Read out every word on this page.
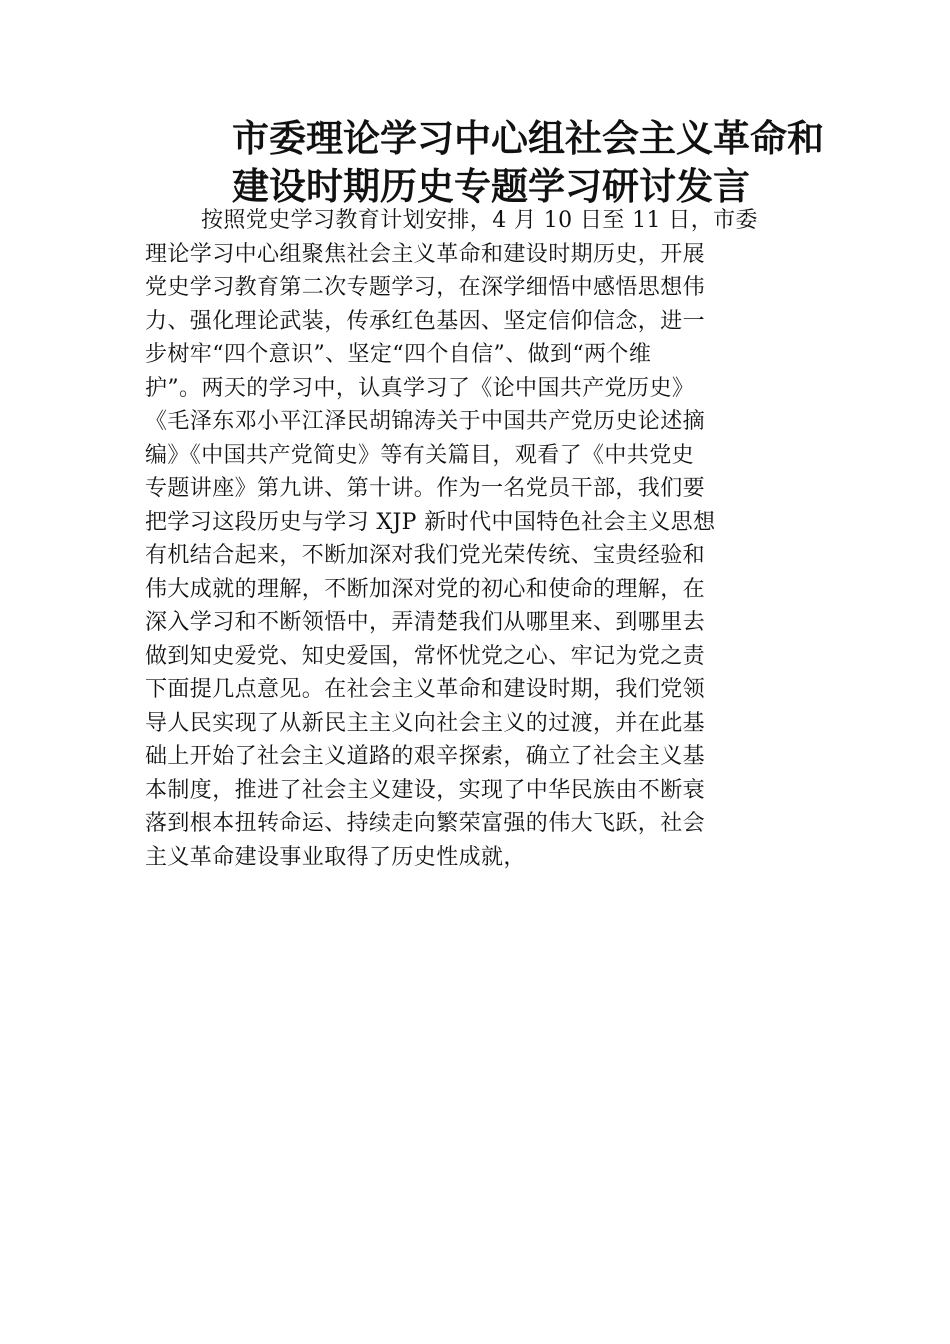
市委理论学习中心组社会主义革命和
建设时期历史专题学习研讨发言
按照党史学习教育计划安排，4 月 10 日至 11 日，市委
理论学习中心组聚焦社会主义革命和建设时期历史，开展
党史学习教育第二次专题学习，在深学细悟中感悟思想伟
力、强化理论武装，传承红色基因、坚定信仰信念，进一
步树牢“四个意识”、坚定“四个自信”、做到“两个维
护”。两天的学习中，认真学习了《论中国共产党历史》
《毛泽东邓小平江泽民胡锦涛关于中国共产党历史论述摘
编》《中国共产党简史》等有关篇目，观看了《中共党史
专题讲座》第九讲、第十讲。作为一名党员干部，我们要
把学习这段历史与学习 XJP 新时代中国特色社会主义思想
有机结合起来，不断加深对我们党光荣传统、宝贵经验和
伟大成就的理解，不断加深对党的初心和使命的理解，在
深入学习和不断领悟中，弄清楚我们从哪里来、到哪里去
做到知史爱党、知史爱国，常怀忧党之心、牢记为党之责
下面提几点意见。在社会主义革命和建设时期，我们党领
导人民实现了从新民主主义向社会主义的过渡，并在此基
础上开始了社会主义道路的艰辛探索，确立了社会主义基
本制度，推进了社会主义建设，实现了中华民族由不断衰
落到根本扭转命运、持续走向繁荣富强的伟大飞跃，社会
主义革命建设事业取得了历史性成就，
